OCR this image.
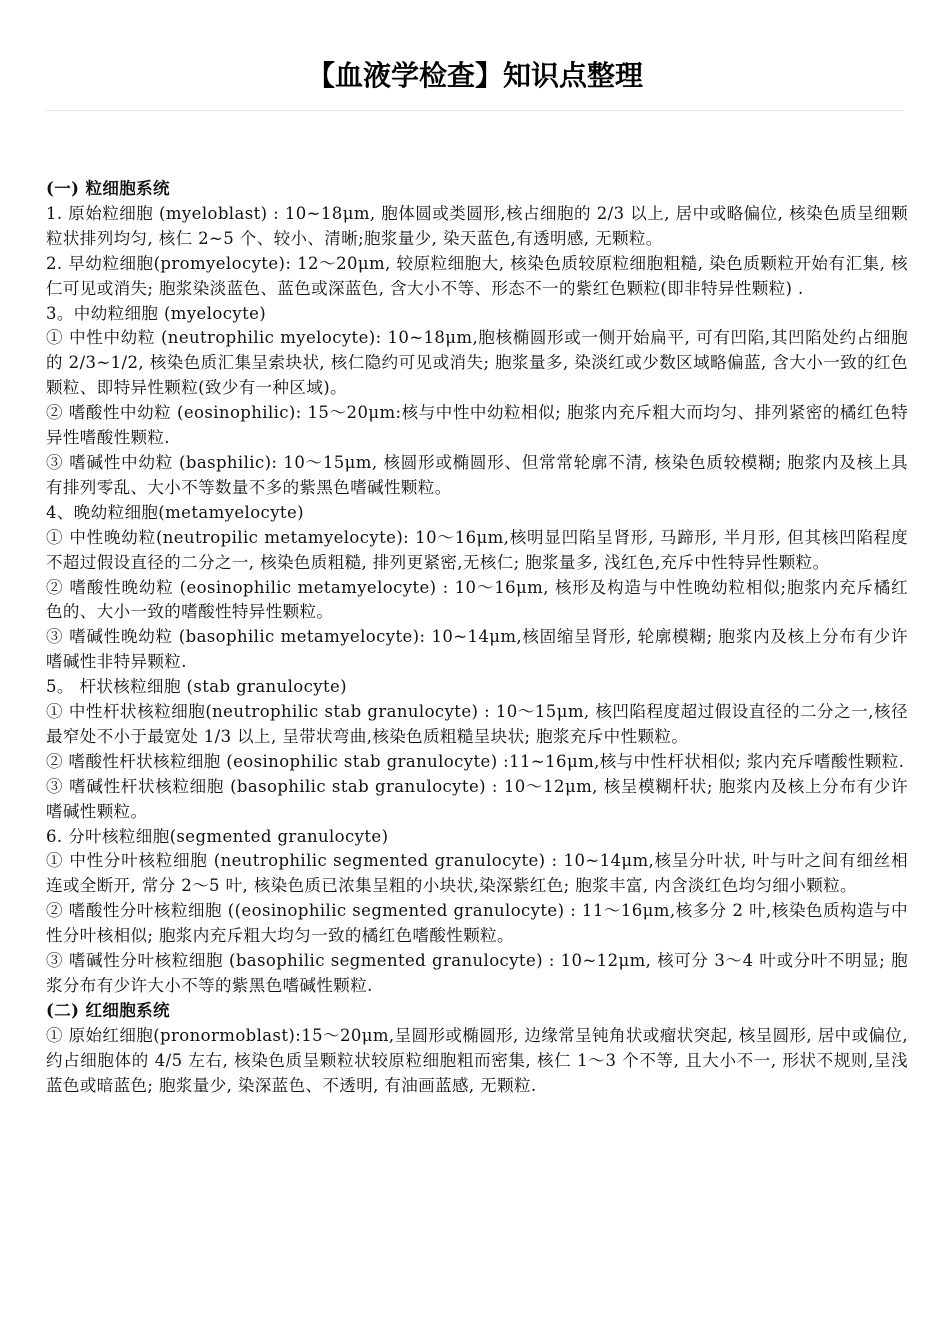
【血液学检查】知识点整理

(一) 粒细胞系统

1. 原始粒细胞 (myeloblast) : 10~18μm, 胞体圆或类圆形,核占细胞的 2/3 以上, 居中或略偏位, 核染色质呈细颗粒状排列均匀, 核仁 2~5 个、较小、清晰;胞浆量少, 染天蓝色,有透明感, 无颗粒。

2. 早幼粒细胞(promyelocyte): 12～20μm, 较原粒细胞大, 核染色质较原粒细胞粗糙, 染色质颗粒开始有汇集, 核仁可见或消失; 胞浆染淡蓝色、蓝色或深蓝色, 含大小不等、形态不一的紫红色颗粒(即非特异性颗粒) .

3。中幼粒细胞 (myelocyte)

① 中性中幼粒 (neutrophilic myelocyte): 10~18μm,胞核椭圆形或一侧开始扁平, 可有凹陷,其凹陷处约占细胞的 2/3~1/2, 核染色质汇集呈索块状, 核仁隐约可见或消失; 胞浆量多, 染淡红或少数区域略偏蓝, 含大小一致的红色颗粒、即特异性颗粒(致少有一种区域)。

② 嗜酸性中幼粒 (eosinophilic): 15～20μm:核与中性中幼粒相似; 胞浆内充斥粗大而均匀、排列紧密的橘红色特异性嗜酸性颗粒.

③ 嗜碱性中幼粒 (basphilic): 10～15μm, 核圆形或椭圆形、但常常轮廓不清, 核染色质较模糊; 胞浆内及核上具有排列零乱、大小不等数量不多的紫黑色嗜碱性颗粒。

4、晚幼粒细胞(metamyelocyte)

① 中性晚幼粒(neutropilic metamyelocyte): 10～16μm,核明显凹陷呈肾形, 马蹄形, 半月形, 但其核凹陷程度不超过假设直径的二分之一, 核染色质粗糙, 排列更紧密,无核仁; 胞浆量多, 浅红色,充斥中性特异性颗粒。

② 嗜酸性晚幼粒 (eosinophilic metamyelocyte) : 10～16μm, 核形及构造与中性晚幼粒相似;胞浆内充斥橘红色的、大小一致的嗜酸性特异性颗粒。

③ 嗜碱性晚幼粒 (basophilic metamyelocyte): 10~14μm,核固缩呈肾形, 轮廓模糊; 胞浆内及核上分布有少许嗜碱性非特异颗粒.

5。 杆状核粒细胞 (stab granulocyte)

① 中性杆状核粒细胞(neutrophilic stab granulocyte) : 10～15μm, 核凹陷程度超过假设直径的二分之一,核径最窄处不小于最宽处 1/3 以上, 呈带状弯曲,核染色质粗糙呈块状; 胞浆充斥中性颗粒。

② 嗜酸性杆状核粒细胞 (eosinophilic stab granulocyte) :11~16μm,核与中性杆状相似; 浆内充斥嗜酸性颗粒.

③ 嗜碱性杆状核粒细胞 (basophilic stab granulocyte) : 10～12μm, 核呈模糊杆状; 胞浆内及核上分布有少许嗜碱性颗粒。

6. 分叶核粒细胞(segmented granulocyte)

① 中性分叶核粒细胞 (neutrophilic segmented granulocyte) : 10~14μm,核呈分叶状, 叶与叶之间有细丝相连或全断开, 常分 2～5 叶, 核染色质已浓集呈粗的小块状,染深紫红色; 胞浆丰富, 内含淡红色均匀细小颗粒。

② 嗜酸性分叶核粒细胞 ((eosinophilic segmented granulocyte) : 11～16μm,核多分 2 叶,核染色质构造与中性分叶核相似; 胞浆内充斥粗大均匀一致的橘红色嗜酸性颗粒。

③ 嗜碱性分叶核粒细胞 (basophilic segmented granulocyte) : 10~12μm, 核可分 3～4 叶或分叶不明显; 胞浆分布有少许大小不等的紫黑色嗜碱性颗粒.

(二) 红细胞系统

① 原始红细胞(pronormoblast):15～20μm,呈圆形或椭圆形, 边缘常呈钝角状或瘤状突起, 核呈圆形, 居中或偏位,约占细胞体的 4/5 左右, 核染色质呈颗粒状较原粒细胞粗而密集, 核仁 1～3 个不等, 且大小不一, 形状不规则,呈浅蓝色或暗蓝色; 胞浆量少, 染深蓝色、不透明, 有油画蓝感, 无颗粒.
